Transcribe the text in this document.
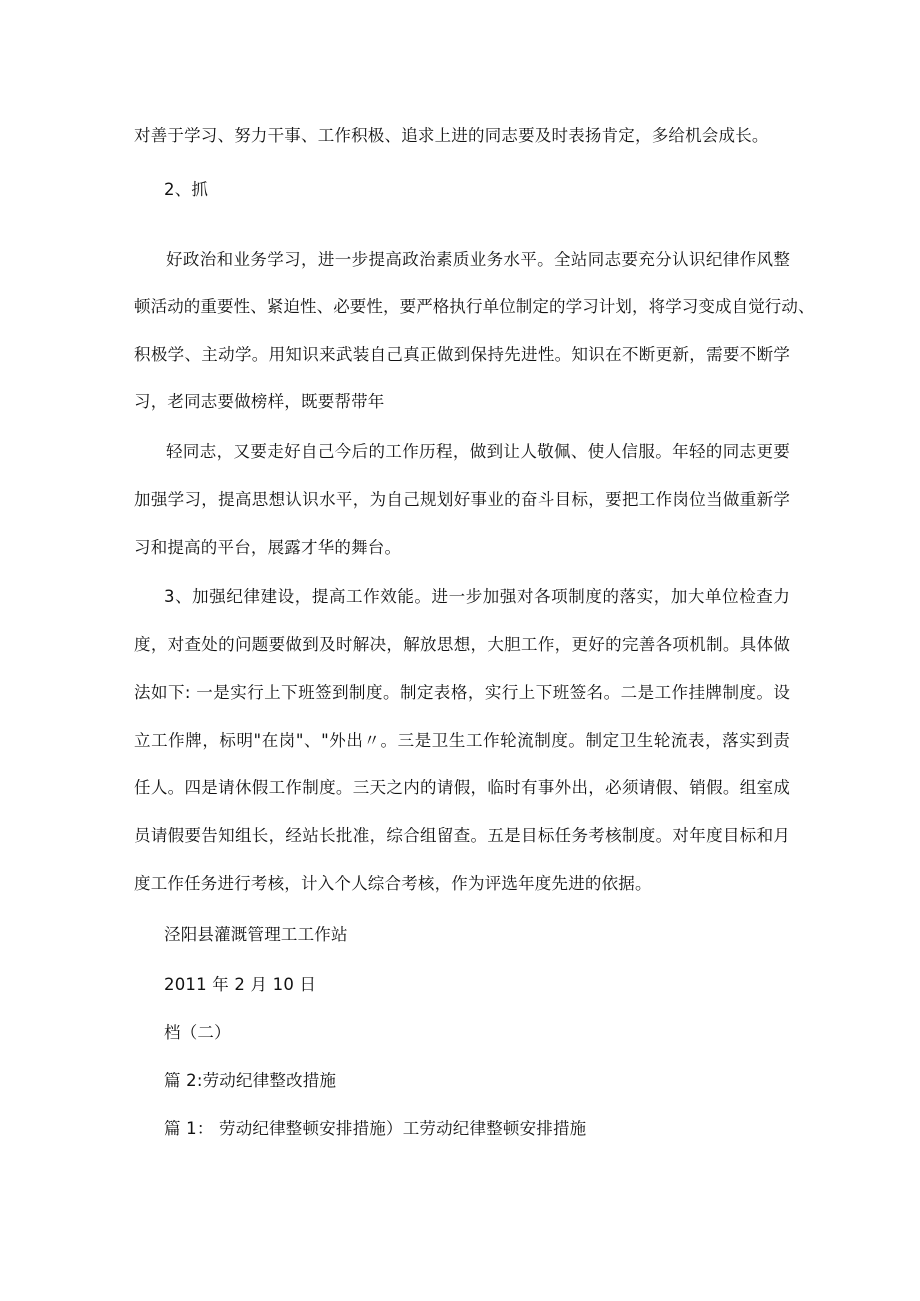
对善于学习、努力干事、工作积极、追求上进的同志要及时表扬肯定，多给机会成长。
2、抓
好政治和业务学习，进一步提高政治素质业务水平。全站同志要充分认识纪律作风整
顿活动的重要性、紧迫性、必要性，要严格执行单位制定的学习计划，将学习变成自觉行动、
积极学、主动学。用知识来武装自己真正做到保持先进性。知识在不断更新，需要不断学
习，老同志要做榜样，既要帮带年
轻同志，又要走好自己今后的工作历程，做到让人敬佩、使人信服。年轻的同志更要
加强学习，提高思想认识水平，为自己规划好事业的奋斗目标，要把工作岗位当做重新学
习和提高的平台，展露才华的舞台。
3、加强纪律建设，提高工作效能。进一步加强对各项制度的落实，加大单位检查力
度，对查处的问题要做到及时解决，解放思想，大胆工作，更好的完善各项机制。具体做
法如下: 一是实行上下班签到制度。制定表格，实行上下班签名。二是工作挂牌制度。设
立工作牌，标明"在岗"、"外出〃。三是卫生工作轮流制度。制定卫生轮流表，落实到责
任人。四是请休假工作制度。三天之内的请假，临时有事外出，必须请假、销假。组室成
员请假要告知组长，经站长批准，综合组留查。五是目标任务考核制度。对年度目标和月
度工作任务进行考核，计入个人综合考核，作为评选年度先进的依据。
泾阳县灌溉管理工工作站
2011 年 2 月 10 日
档（二）
篇 2:劳动纪律整改措施
篇 1： 劳动纪律整顿安排措施）工劳动纪律整顿安排措施
